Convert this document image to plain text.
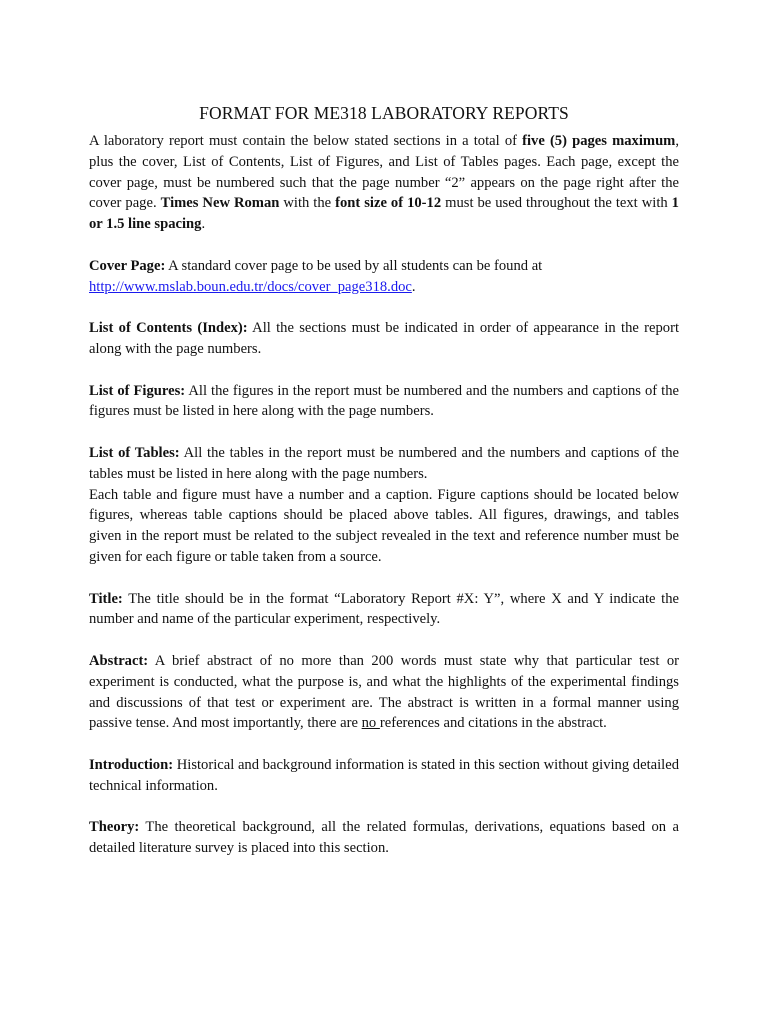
FORMAT FOR ME318 LABORATORY REPORTS

A laboratory report must contain the below stated sections in a total of five (5) pages maximum, plus the cover, List of Contents, List of Figures, and List of Tables pages. Each page, except the cover page, must be numbered such that the page number “2” appears on the page right after the cover page. Times New Roman with the font size of 10-12 must be used throughout the text with 1 or 1.5 line spacing.

Cover Page: A standard cover page to be used by all students can be found at http://www.mslab.boun.edu.tr/docs/cover_page318.doc.

List of Contents (Index): All the sections must be indicated in order of appearance in the report along with the page numbers.

List of Figures: All the figures in the report must be numbered and the numbers and captions of the figures must be listed in here along with the page numbers.

List of Tables: All the tables in the report must be numbered and the numbers and captions of the tables must be listed in here along with the page numbers.

Each table and figure must have a number and a caption. Figure captions should be located below figures, whereas table captions should be placed above tables. All figures, drawings, and tables given in the report must be related to the subject revealed in the text and reference number must be given for each figure or table taken from a source.

Title: The title should be in the format “Laboratory Report #X: Y”, where X and Y indicate the number and name of the particular experiment, respectively.

Abstract: A brief abstract of no more than 200 words must state why that particular test or experiment is conducted, what the purpose is, and what the highlights of the experimental findings and discussions of that test or experiment are. The abstract is written in a formal manner using passive tense. And most importantly, there are no references and citations in the abstract.

Introduction: Historical and background information is stated in this section without giving detailed technical information.

Theory: The theoretical background, all the related formulas, derivations, equations based on a detailed literature survey is placed into this section.
